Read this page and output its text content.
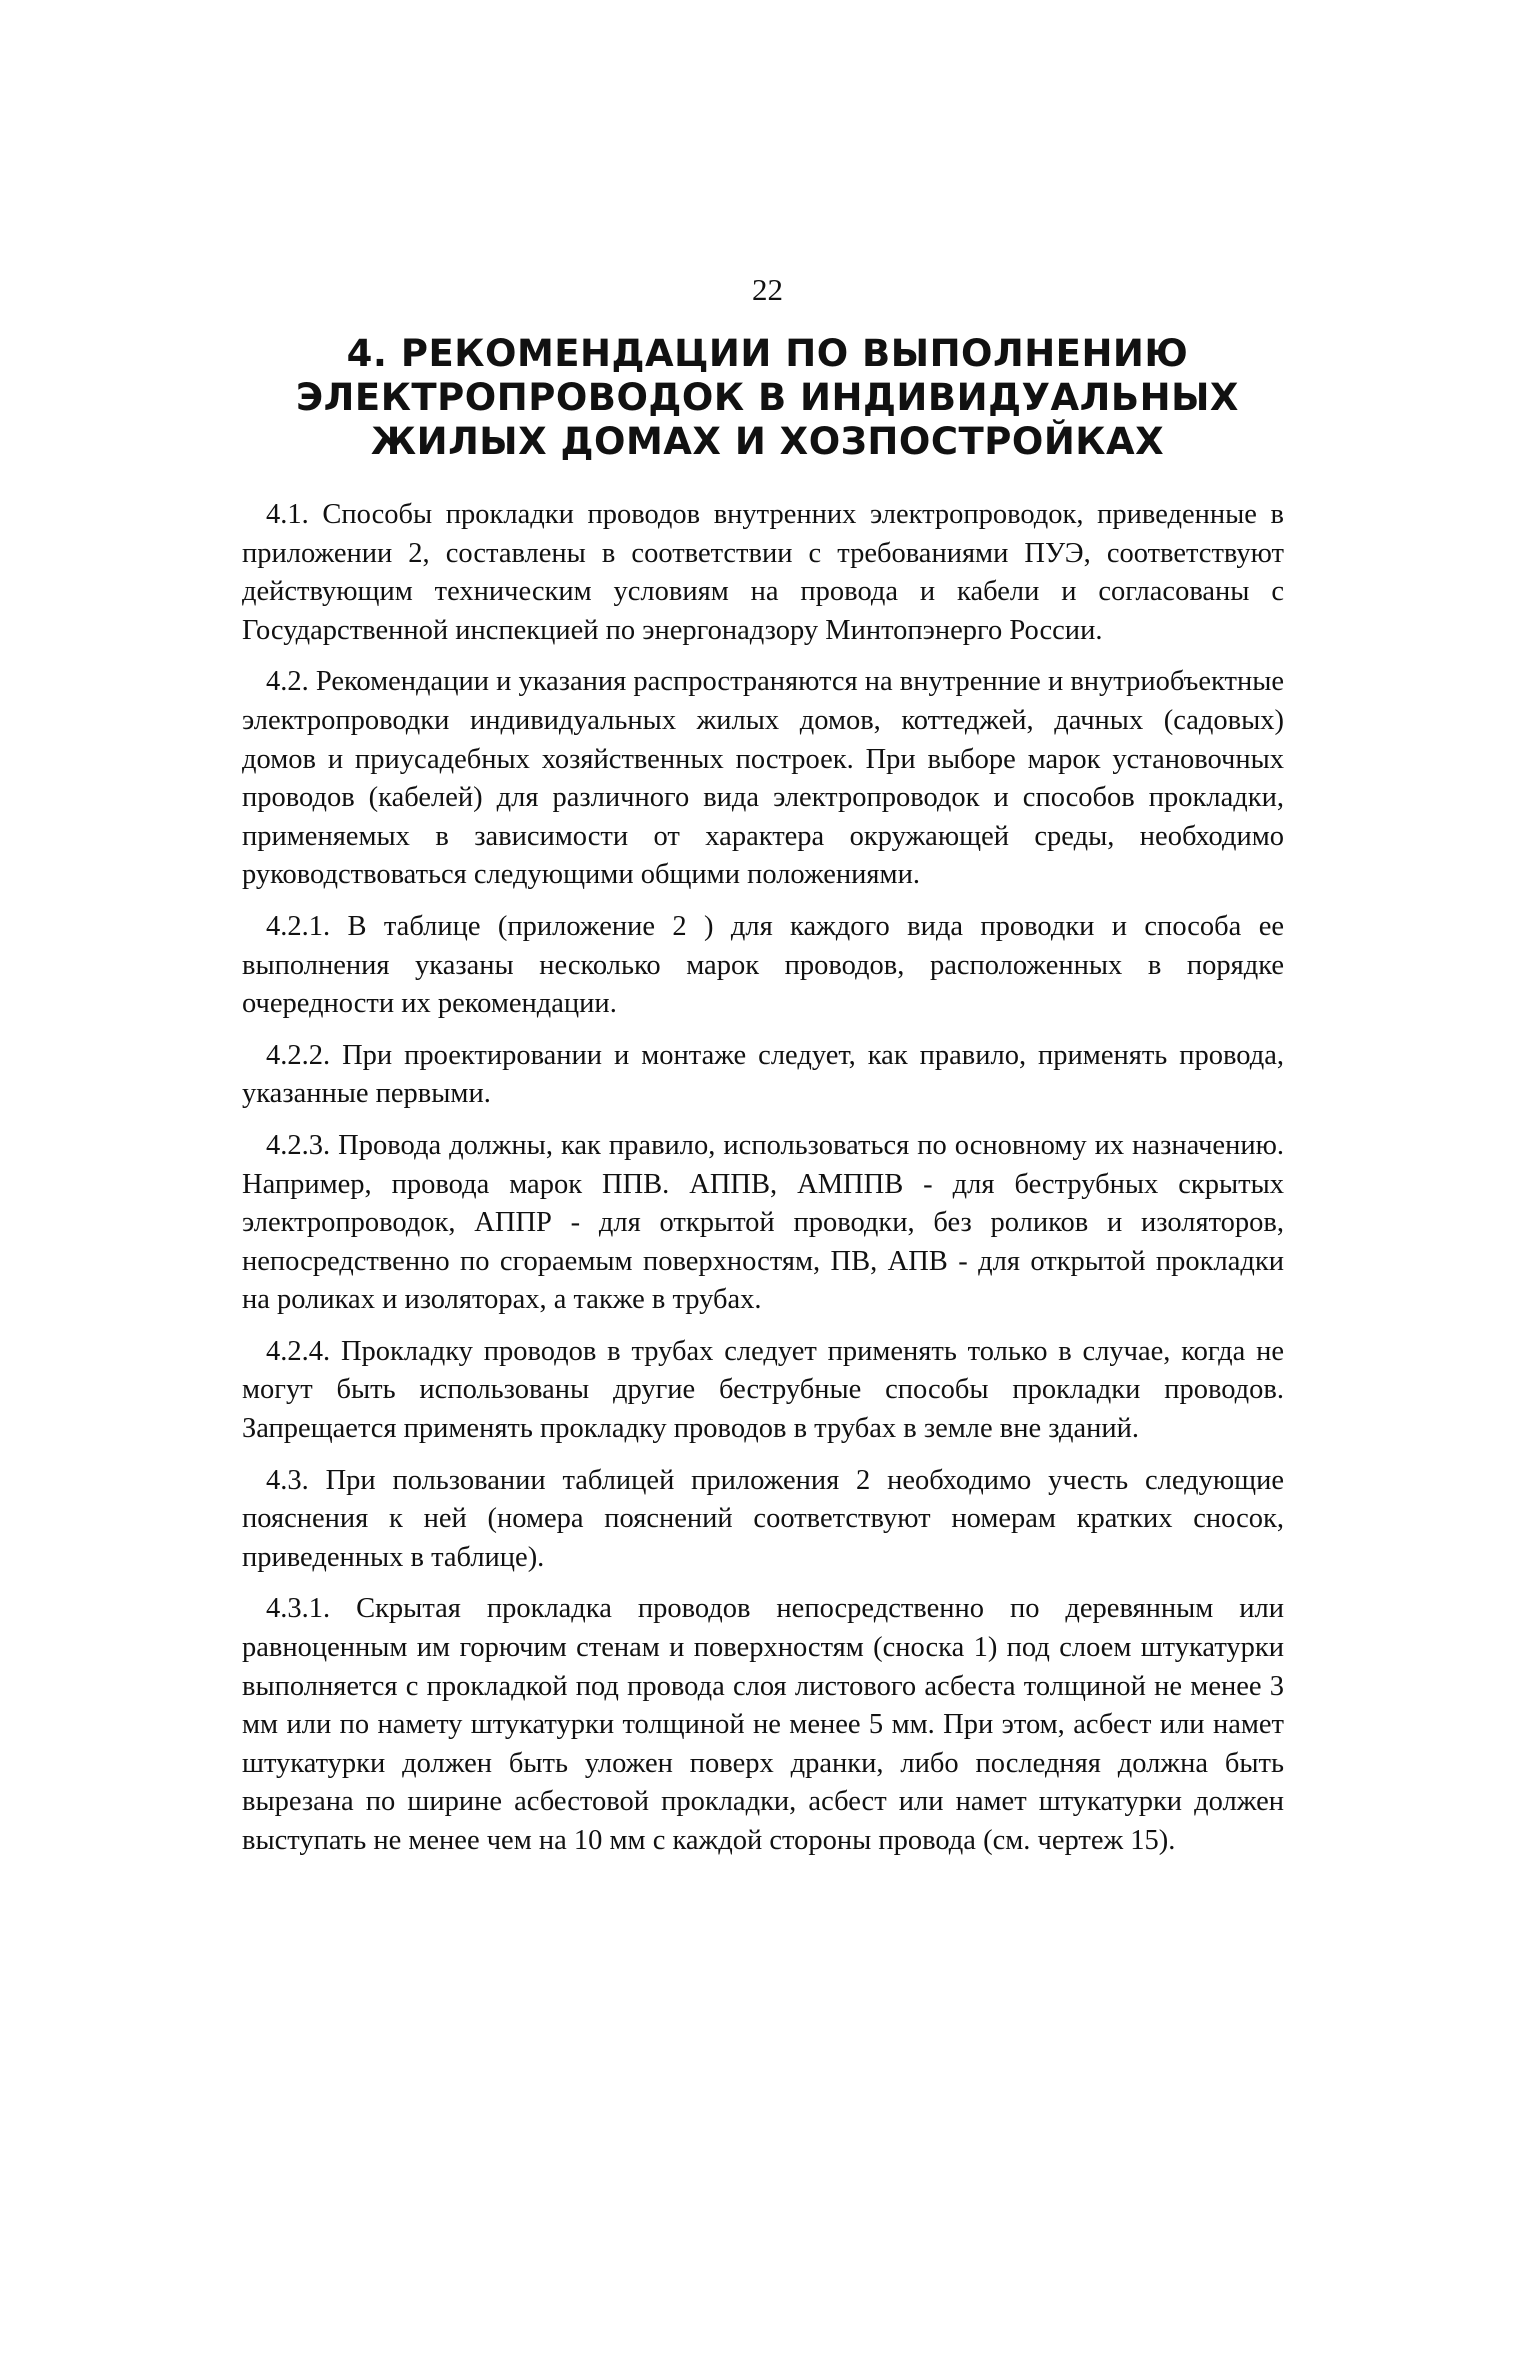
22
4. РЕКОМЕНДАЦИИ ПО ВЫПОЛНЕНИЮ
ЭЛЕКТРОПРОВОДОК В ИНДИВИДУАЛЬНЫХ
ЖИЛЫХ ДОМАХ И ХОЗПОСТРОЙКАХ

4.1. Способы прокладки проводов внутренних электропроводок, приведенные в приложении 2, составлены в соответствии с требованиями ПУЭ, соответствуют действующим техническим условиям на провода и кабели и согласованы с Государственной инспекцией по энергонадзору Минтопэнерго России.

4.2. Рекомендации и указания распространяются на внутренние и внутриобъектные электропроводки индивидуальных жилых домов, коттеджей, дачных (садовых) домов и приусадебных хозяйственных построек. При выборе марок установочных проводов (кабелей) для различного вида электропроводок и способов прокладки, применяемых в зависимости от характера окружающей среды, необходимо руководствоваться следующими общими положениями.

4.2.1. В таблице (приложение 2 ) для каждого вида проводки и способа ее выполнения указаны несколько марок проводов, расположенных в порядке очередности их рекомендации.

4.2.2. При проектировании и монтаже следует, как правило, применять провода, указанные первыми.

4.2.3. Провода должны, как правило, использоваться по основному их назначению. Например, провода марок ППВ. АППВ, АМППВ - для беструбных скрытых электропроводок, АППР - для открытой проводки, без роликов и изоляторов, непосредственно по сгораемым поверхностям, ПВ, АПВ - для открытой прокладки на роликах и изоляторах, а также в трубах.

4.2.4. Прокладку проводов в трубах следует применять только в случае, когда не могут быть использованы другие беструбные способы прокладки проводов. Запрещается применять прокладку проводов в трубах в земле вне зданий.

4.3. При пользовании таблицей приложения 2 необходимо учесть следующие пояснения к ней (номера пояснений соответствуют номерам кратких сносок, приведенных в таблице).

4.3.1. Скрытая прокладка проводов непосредственно по деревянным или равноценным им горючим стенам и поверхностям (сноска 1) под слоем штукатурки выполняется с прокладкой под провода слоя листового асбеста толщиной не менее 3 мм или по намету штукатурки толщиной не менее 5 мм. При этом, асбест или намет штукатурки должен быть уложен поверх дранки, либо последняя должна быть вырезана по ширине асбестовой прокладки, асбест или намет штукатурки должен выступать не менее чем на 10 мм с каждой стороны провода (см. чертеж 15).
